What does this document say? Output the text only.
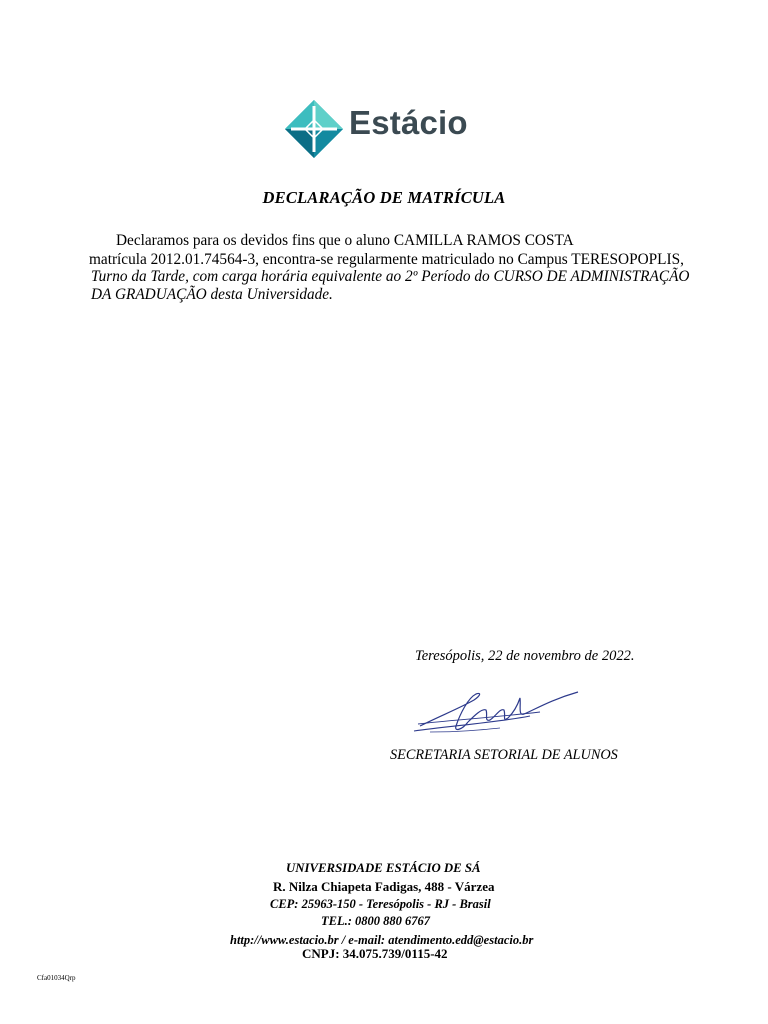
Estácio
DECLARAÇÃO DE MATRÍCULA
Declaramos para os devidos fins que o aluno CAMILLA RAMOS COSTA
matrícula 2012.01.74564-3, encontra-se regularmente matriculado no Campus TERESOPOPLIS,
Turno da Tarde, com carga horária equivalente ao 2º Período do CURSO DE ADMINISTRAÇÃO
DA GRADUAÇÃO desta Universidade.
Teresópolis, 22 de novembro de 2022.
SECRETARIA SETORIAL DE ALUNOS
UNIVERSIDADE ESTÁCIO DE SÁ
R. Nilza Chiapeta Fadigas, 488 - Várzea
CEP: 25963-150 - Teresópolis - RJ - Brasil
TEL.: 0800 880 6767
http://www.estacio.br / e-mail: atendimento.edd@estacio.br
CNPJ: 34.075.739/0115-42
Cfa01034Qrp
